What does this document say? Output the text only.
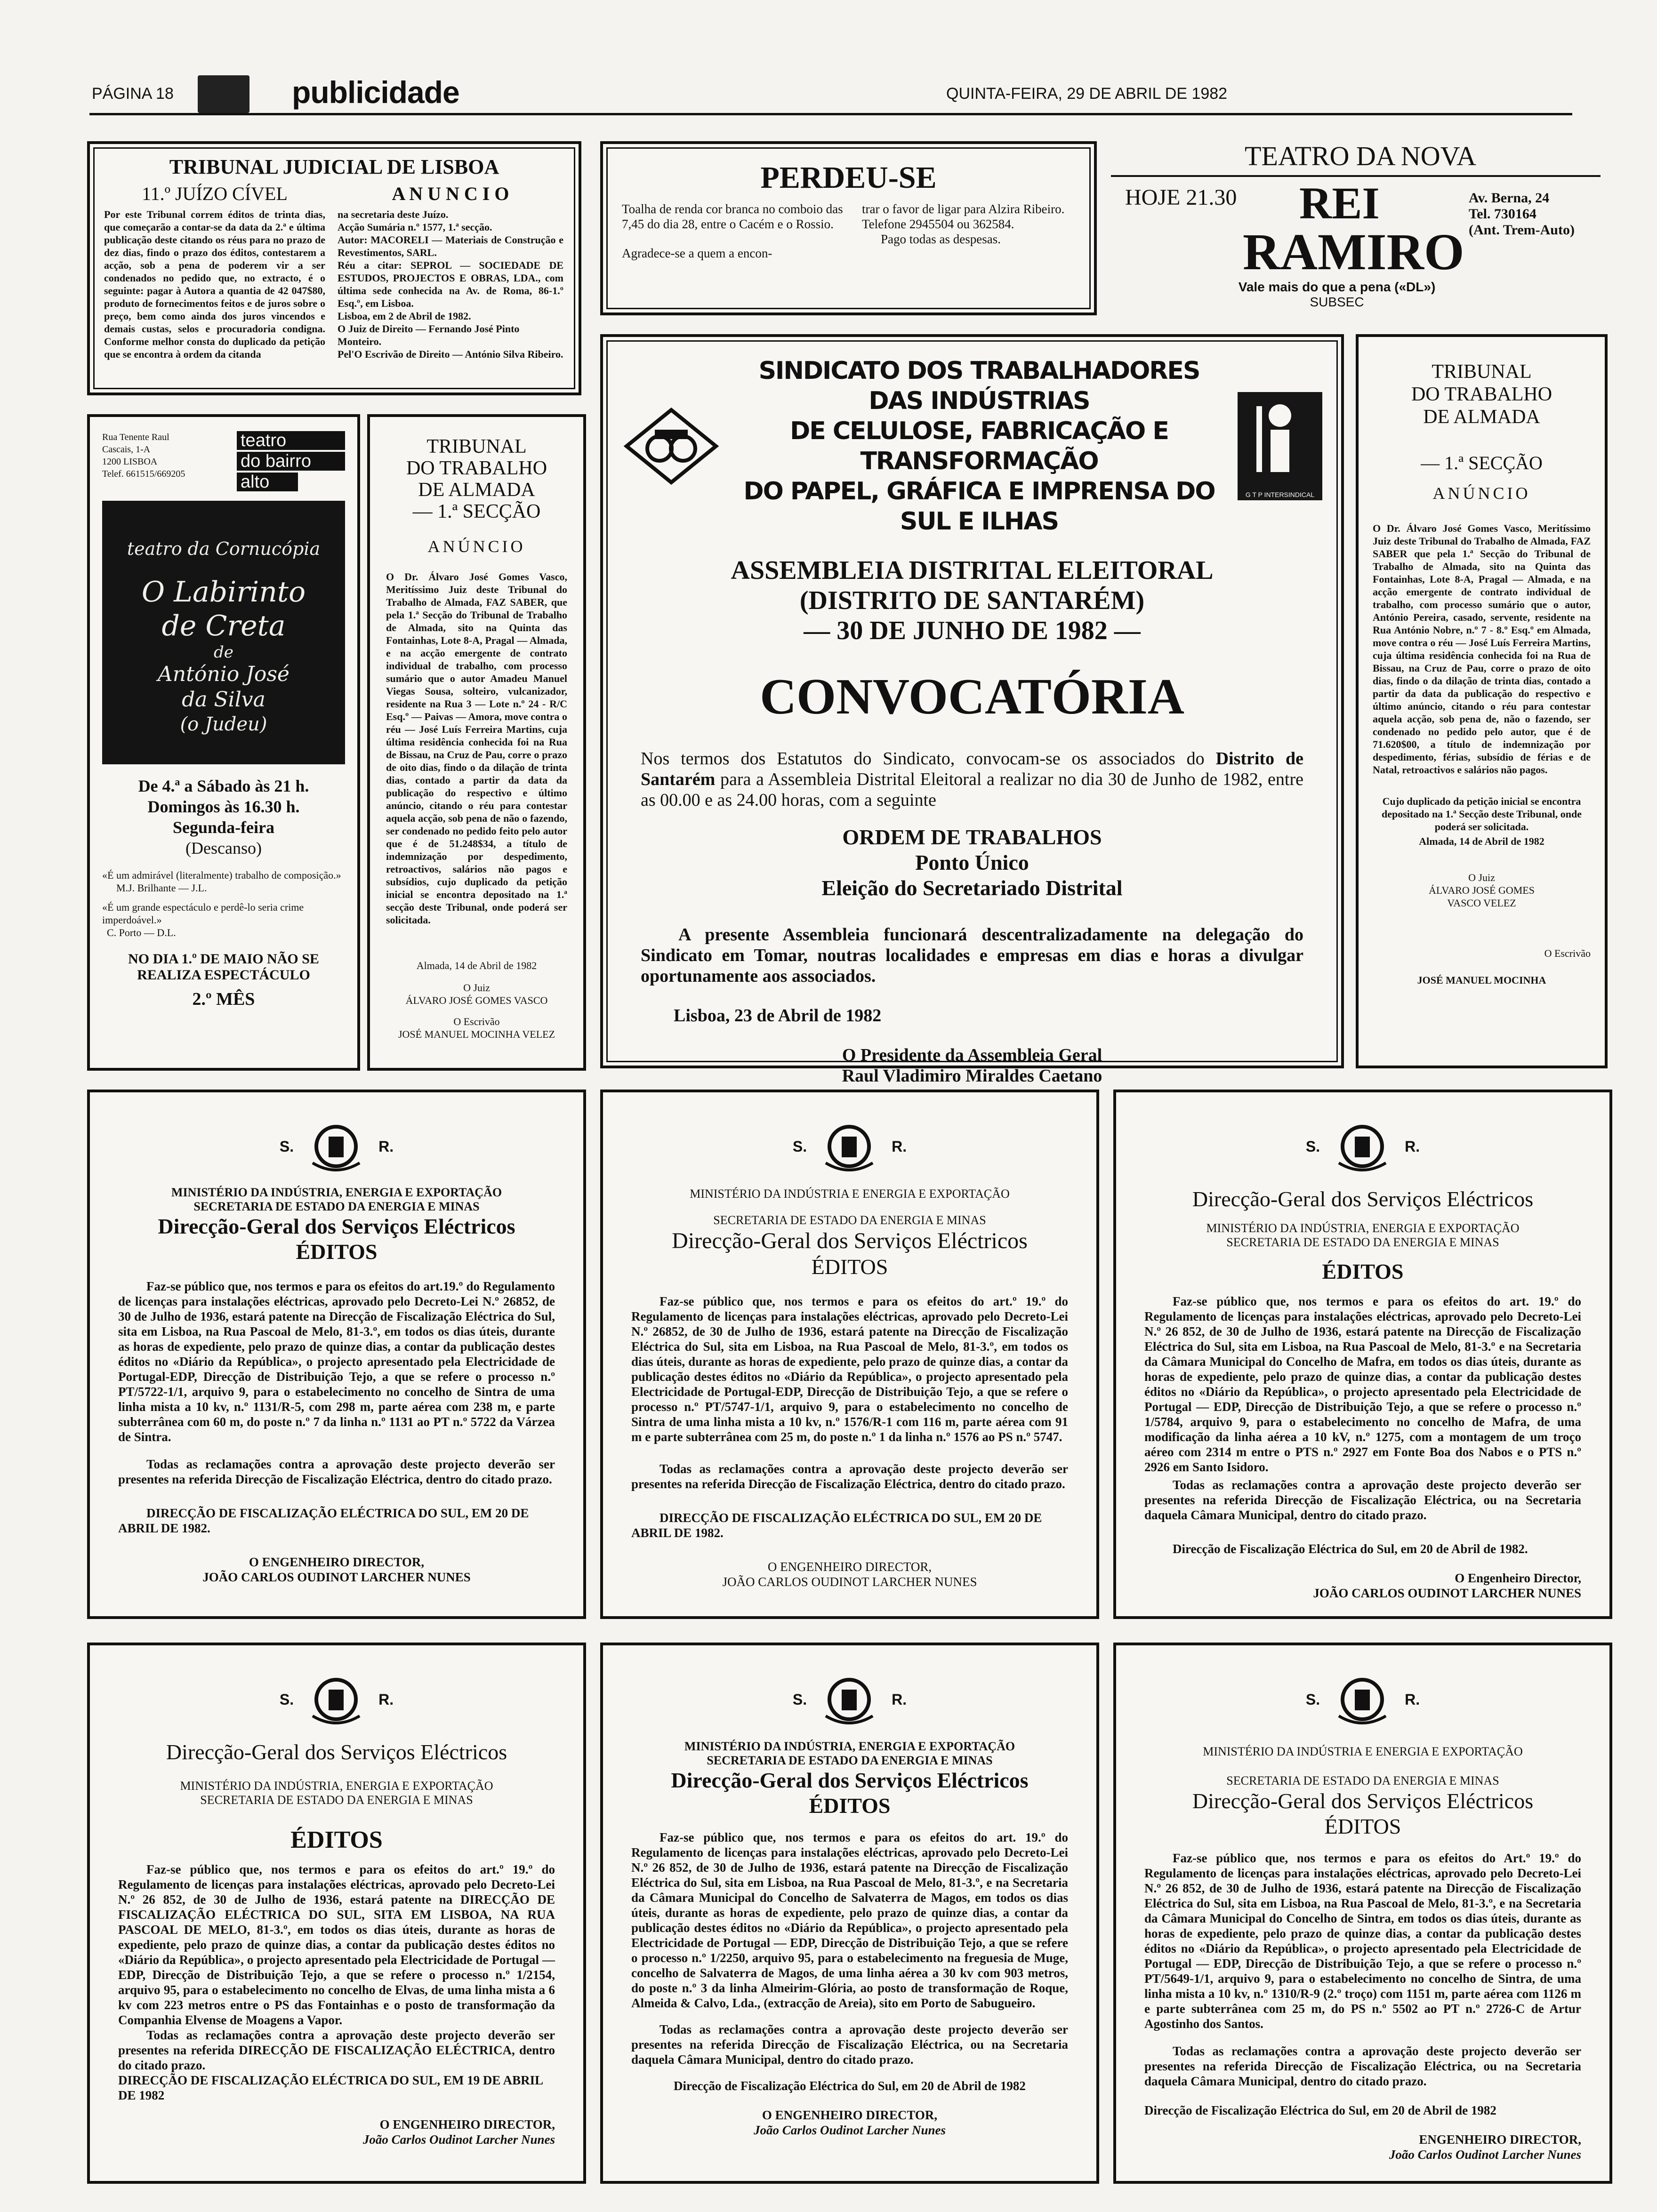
PÁGINA 18	publicidade	QUINTA-FEIRA, 29 DE ABRIL DE 1982
TRIBUNAL JUDICIAL DE LISBOA
11.º JUÍZO CÍVEL

Por este Tribunal correm éditos de trinta dias, que começarão a contar-se da data da 2.ª e última publicação deste citando os réus para no prazo de dez dias, findo o prazo dos éditos, contestarem a acção, sob a pena de poderem vir a ser condenados no pedido que, no extracto, é o seguinte: pagar à Autora a quantia de 42 047$80, produto de fornecimentos feitos e de juros sobre o preço, bem como ainda dos juros vincendos e demais custas, selos e procuradoria condigna. Conforme melhor consta do duplicado da petição que se encontra à ordem da citanda

A N U N C I O

na secretaria deste Juízo.

Acção Sumária n.º 1577, 1.ª secção.

Autor: MACORELI — Materiais de Construção e Revestimentos, SARL.

Réu a citar: SEPROL — SOCIEDADE DE ESTUDOS, PROJECTOS E OBRAS, LDA., com última sede conhecida na Av. de Roma, 86-1.º Esq.º, em Lisboa.

Lisboa, em 2 de Abril de 1982.

O Juiz de Direito — Fernando José Pinto Monteiro.

Pel'O Escrivão de Direito — António Silva Ribeiro.

PERDEU-SE

Toalha de renda cor branca no comboio das 7,45 do dia 28, entre o Cacém e o Rossio.

Agradece-se a quem a encon-

trar o favor de ligar para Alzira Ribeiro.

Telefone 2945504 ou 362584.

Pago todas as despesas.

TEATRO DA NOVA
HOJE 21.30 REI
RAMIRO
Av. Berna, 24
Tel. 730164
(Ant. Trem-Auto)
Vale mais do que a pena («DL»)
SUBSEC
Rua Tenente Raul
Cascais, 1-A
1200 LISBOA
Telef. 661515/669205
teatro
do bairro
alto
teatro da Cornucópia
O Labirinto
de Creta
de
António José
da Silva
(o Judeu)
De 4.ª a Sábado às 21 h.
Domingos às 16.30 h.
Segunda-feira
(Descanso)

«É um admirável (literalmente) trabalho de composição.»

M.J. Brilhante — J.L.

«É um grande espectáculo e perdê-lo seria crime imperdoável.»

C. Porto — D.L.

NO DIA 1.º DE MAIO NÃO SE REALIZA ESPECTÁCULO
2.º MÊS
TRIBUNAL
DO TRABALHO
DE ALMADA
— 1.ª SECÇÃO
ANÚNCIO

O Dr. Álvaro José Gomes Vasco, Meritíssimo Juiz deste Tribunal do Trabalho de Almada, FAZ SABER, que pela 1.ª Secção do Tribunal de Trabalho de Almada, sito na Quinta das Fontainhas, Lote 8-A, Pragal — Almada, e na acção emergente de contrato individual de trabalho, com processo sumário que o autor Amadeu Manuel Viegas Sousa, solteiro, vulcanizador, residente na Rua 3 — Lote n.º 24 - R/C Esq.º — Paivas — Amora, move contra o réu — José Luís Ferreira Martins, cuja última residência conhecida foi na Rua de Bissau, na Cruz de Pau, corre o prazo de oito dias, findo o da dilação de trinta dias, contado a partir da data da publicação do respectivo e último anúncio, citando o réu para contestar aquela acção, sob pena de não o fazendo, ser condenado no pedido feito pelo autor que é de 51.248$34, a título de indemnização por despedimento, retroactivos, salários não pagos e subsídios, cujo duplicado da petição inicial se encontra depositado na 1.ª secção deste Tribunal, onde poderá ser solicitada.

Almada, 14 de Abril de 1982
O Juiz
ÁLVARO JOSÉ GOMES VASCO
O Escrivão
JOSÉ MANUEL MOCINHA VELEZ
SINDICATO DOS TRABALHADORES DAS INDÚSTRIAS
DE CELULOSE, FABRICAÇÃO E TRANSFORMAÇÃO
DO PAPEL, GRÁFICA E IMPRENSA DO SUL E ILHAS
G T P INTERSINDICAL
ASSEMBLEIA DISTRITAL ELEITORAL
(DISTRITO DE SANTARÉM)
— 30 DE JUNHO DE 1982 —
CONVOCATÓRIA

Nos termos dos Estatutos do Sindicato, convocam-se os associados do Distrito de Santarém para a Assembleia Distrital Eleitoral a realizar no dia 30 de Junho de 1982, entre as 00.00 e as 24.00 horas, com a seguinte

ORDEM DE TRABALHOS
Ponto Único
Eleição do Secretariado Distrital

A presente Assembleia funcionará descentralizadamente na delegação do Sindicato em Tomar, noutras localidades e empresas em dias e horas a divulgar oportunamente aos associados.

Lisboa, 23 de Abril de 1982
O Presidente da Assembleia Geral
Raul Vladimiro Miraldes Caetano
TRIBUNAL
DO TRABALHO
DE ALMADA
— 1.ª SECÇÃO
ANÚNCIO

O Dr. Álvaro José Gomes Vasco, Meritíssimo Juiz deste Tribunal do Trabalho de Almada, FAZ SABER que pela 1.ª Secção do Tribunal de Trabalho de Almada, sito na Quinta das Fontainhas, Lote 8-A, Pragal — Almada, e na acção emergente de contrato individual de trabalho, com processo sumário que o autor, António Pereira, casado, servente, residente na Rua António Nobre, n.º 7 - 8.º Esq.º em Almada, move contra o réu — José Luís Ferreira Martins, cuja última residência conhecida foi na Rua de Bissau, na Cruz de Pau, corre o prazo de oito dias, findo o da dilação de trinta dias, contado a partir da data da publicação do respectivo e último anúncio, citando o réu para contestar aquela acção, sob pena de, não o fazendo, ser condenado no pedido pelo autor, que é de 71.620$00, a título de indemnização por despedimento, férias, subsídio de férias e de Natal, retroactivos e salários não pagos.

Cujo duplicado da petição inicial se encontra depositado na 1.ª Secção deste Tribunal, onde poderá ser solicitada.

Almada, 14 de Abril de 1982
O Juiz
ÁLVARO JOSÉ GOMES
VASCO VELEZ
O Escrivão
JOSÉ MANUEL MOCINHA
S.	R.
MINISTÉRIO DA INDÚSTRIA, ENERGIA E EXPORTAÇÃO
SECRETARIA DE ESTADO DA ENERGIA E MINAS
Direcção-Geral dos Serviços Eléctricos
ÉDITOS

Faz-se público que, nos termos e para os efeitos do art.19.º do Regulamento de licenças para instalações eléctricas, aprovado pelo Decreto-Lei N.º 26852, de 30 de Julho de 1936, estará patente na Direcção de Fiscalização Eléctrica do Sul, sita em Lisboa, na Rua Pascoal de Melo, 81-3.º, em todos os dias úteis, durante as horas de expediente, pelo prazo de quinze dias, a contar da publicação destes éditos no «Diário da República», o projecto apresentado pela Electricidade de Portugal-EDP, Direcção de Distribuição Tejo, a que se refere o processo n.º PT/5722-1/1, arquivo 9, para o estabelecimento no concelho de Sintra de uma linha mista a 10 kv, n.º 1131/R-5, com 298 m, parte aérea com 238 m, e parte subterrânea com 60 m, do poste n.º 7 da linha n.º 1131 ao PT n.º 5722 da Várzea de Sintra.

Todas as reclamações contra a aprovação deste projecto deverão ser presentes na referida Direcção de Fiscalização Eléctrica, dentro do citado prazo.

DIRECÇÃO DE FISCALIZAÇÃO ELÉCTRICA DO SUL, EM 20 DE ABRIL DE 1982.

O ENGENHEIRO DIRECTOR,
JOÃO CARLOS OUDINOT LARCHER NUNES
S.	R.
MINISTÉRIO DA INDÚSTRIA E ENERGIA E EXPORTAÇÃO
SECRETARIA DE ESTADO DA ENERGIA E MINAS
Direcção-Geral dos Serviços Eléctricos
ÉDITOS

Faz-se público que, nos termos e para os efeitos do art.º 19.º do Regulamento de licenças para instalações eléctricas, aprovado pelo Decreto-Lei N.º 26852, de 30 de Julho de 1936, estará patente na Direcção de Fiscalização Eléctrica do Sul, sita em Lisboa, na Rua Pascoal de Melo, 81-3.º, em todos os dias úteis, durante as horas de expediente, pelo prazo de quinze dias, a contar da publicação destes éditos no «Diário da República», o projecto apresentado pela Electricidade de Portugal-EDP, Direcção de Distribuição Tejo, a que se refere o processo n.º PT/5747-1/1, arquivo 9, para o estabelecimento no concelho de Sintra de uma linha mista a 10 kv, n.º 1576/R-1 com 116 m, parte aérea com 91 m e parte subterrânea com 25 m, do poste n.º 1 da linha n.º 1576 ao PS n.º 5747.

Todas as reclamações contra a aprovação deste projecto deverão ser presentes na referida Direcção de Fiscalização Eléctrica, dentro do citado prazo.

DIRECÇÃO DE FISCALIZAÇÃO ELÉCTRICA DO SUL, EM 20 DE ABRIL DE 1982.

O ENGENHEIRO DIRECTOR,
JOÃO CARLOS OUDINOT LARCHER NUNES
S.	R.
Direcção-Geral dos Serviços Eléctricos
MINISTÉRIO DA INDÚSTRIA, ENERGIA E EXPORTAÇÃO
SECRETARIA DE ESTADO DA ENERGIA E MINAS
ÉDITOS

Faz-se público que, nos termos e para os efeitos do art. 19.º do Regulamento de licenças para instalações eléctricas, aprovado pelo Decreto-Lei N.º 26 852, de 30 de Julho de 1936, estará patente na Direcção de Fiscalização Eléctrica do Sul, sita em Lisboa, na Rua Pascoal de Melo, 81-3.º e na Secretaria da Câmara Municipal do Concelho de Mafra, em todos os dias úteis, durante as horas de expediente, pelo prazo de quinze dias, a contar da publicação destes éditos no «Diário da República», o projecto apresentado pela Electricidade de Portugal — EDP, Direcção de Distribuição Tejo, a que se refere o processo n.º 1/5784, arquivo 9, para o estabelecimento no concelho de Mafra, de uma modificação da linha aérea a 10 kV, n.º 1275, com a montagem de um troço aéreo com 2314 m entre o PTS n.º 2927 em Fonte Boa dos Nabos e o PTS n.º 2926 em Santo Isidoro.

Todas as reclamações contra a aprovação deste projecto deverão ser presentes na referida Direcção de Fiscalização Eléctrica, ou na Secretaria daquela Câmara Municipal, dentro do citado prazo.

Direcção de Fiscalização Eléctrica do Sul, em 20 de Abril de 1982.

O Engenheiro Director,
JOÃO CARLOS OUDINOT LARCHER NUNES
S.	R.
Direcção-Geral dos Serviços Eléctricos
MINISTÉRIO DA INDÚSTRIA, ENERGIA E EXPORTAÇÃO
SECRETARIA DE ESTADO DA ENERGIA E MINAS
ÉDITOS

Faz-se público que, nos termos e para os efeitos do art.º 19.º do Regulamento de licenças para instalações eléctricas, aprovado pelo Decreto-Lei N.º 26 852, de 30 de Julho de 1936, estará patente na DIRECÇÃO DE FISCALIZAÇÃO ELÉCTRICA DO SUL, SITA EM LISBOA, NA RUA PASCOAL DE MELO, 81-3.º, em todos os dias úteis, durante as horas de expediente, pelo prazo de quinze dias, a contar da publicação destes éditos no «Diário da República», o projecto apresentado pela Electricidade de Portugal — EDP, Direcção de Distribuição Tejo, a que se refere o processo n.º 1/2154, arquivo 95, para o estabelecimento no concelho de Elvas, de uma linha mista a 6 kv com 223 metros entre o PS das Fontainhas e o posto de transformação da Companhia Elvense de Moagens a Vapor.

Todas as reclamações contra a aprovação deste projecto deverão ser presentes na referida DIRECÇÃO DE FISCALIZAÇÃO ELÉCTRICA, dentro do citado prazo.

DIRECÇÃO DE FISCALIZAÇÃO ELÉCTRICA DO SUL, EM 19 DE ABRIL DE 1982

O ENGENHEIRO DIRECTOR,
João Carlos Oudinot Larcher Nunes
S.	R.
MINISTÉRIO DA INDÚSTRIA, ENERGIA E EXPORTAÇÃO
SECRETARIA DE ESTADO DA ENERGIA E MINAS
Direcção-Geral dos Serviços Eléctricos
ÉDITOS

Faz-se público que, nos termos e para os efeitos do art. 19.º do Regulamento de licenças para instalações eléctricas, aprovado pelo Decreto-Lei N.º 26 852, de 30 de Julho de 1936, estará patente na Direcção de Fiscalização Eléctrica do Sul, sita em Lisboa, na Rua Pascoal de Melo, 81-3.º, e na Secretaria da Câmara Municipal do Concelho de Salvaterra de Magos, em todos os dias úteis, durante as horas de expediente, pelo prazo de quinze dias, a contar da publicação destes éditos no «Diário da República», o projecto apresentado pela Electricidade de Portugal — EDP, Direcção de Distribuição Tejo, a que se refere o processo n.º 1/2250, arquivo 95, para o estabelecimento na freguesia de Muge, concelho de Salvaterra de Magos, de uma linha aérea a 30 kv com 903 metros, do poste n.º 3 da linha Almeirim-Glória, ao posto de transformação de Roque, Almeida & Calvo, Lda., (extracção de Areia), sito em Porto de Sabugueiro.

Todas as reclamações contra a aprovação deste projecto deverão ser presentes na referida Direcção de Fiscalização Eléctrica, ou na Secretaria daquela Câmara Municipal, dentro do citado prazo.

Direcção de Fiscalização Eléctrica do Sul, em 20 de Abril de 1982

O ENGENHEIRO DIRECTOR,
João Carlos Oudinot Larcher Nunes
S.	R.
MINISTÉRIO DA INDÚSTRIA E ENERGIA E EXPORTAÇÃO
SECRETARIA DE ESTADO DA ENERGIA E MINAS
Direcção-Geral dos Serviços Eléctricos
ÉDITOS

Faz-se público que, nos termos e para os efeitos do Art.º 19.º do Regulamento de licenças para instalações eléctricas, aprovado pelo Decreto-Lei N.º 26 852, de 30 de Julho de 1936, estará patente na Direcção de Fiscalização Eléctrica do Sul, sita em Lisboa, na Rua Pascoal de Melo, 81-3.º, e na Secretaria da Câmara Municipal do Concelho de Sintra, em todos os dias úteis, durante as horas de expediente, pelo prazo de quinze dias, a contar da publicação destes éditos no «Diário da República», o projecto apresentado pela Electricidade de Portugal — EDP, Direcção de Distribuição Tejo, a que se refere o processo n.º PT/5649-1/1, arquivo 9, para o estabelecimento no concelho de Sintra, de uma linha mista a 10 kv, n.º 1310/R-9 (2.º troço) com 1151 m, parte aérea com 1126 m e parte subterrânea com 25 m, do PS n.º 5502 ao PT n.º 2726-C de Artur Agostinho dos Santos.

Todas as reclamações contra a aprovação deste projecto deverão ser presentes na referida Direcção de Fiscalização Eléctrica, ou na Secretaria daquela Câmara Municipal, dentro do citado prazo.

Direcção de Fiscalização Eléctrica do Sul, em 20 de Abril de 1982

ENGENHEIRO DIRECTOR,
João Carlos Oudinot Larcher Nunes
